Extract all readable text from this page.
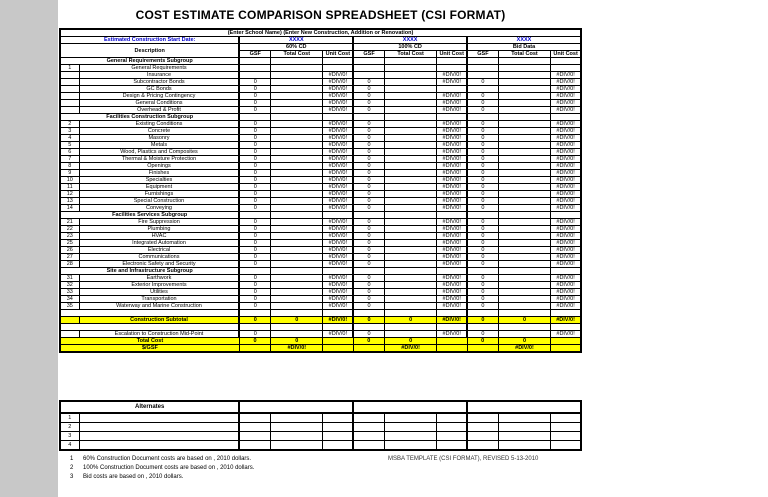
COST ESTIMATE COMPARISON SPREADSHEET (CSI FORMAT)
(Enter School Name) (Enter New Construction, Addition or Renovation)										
Estimated Construction Start Date:		XXXX			XXXX			XXXX		
Description		60% CD			100% CD			Bid Data		
		GSF	Total Cost	Unit Cost	GSF	Total Cost	Unit Cost	GSF	Total Cost	Unit Cost
General Requirements Subgroup										
1	General Requirements									
	Insurance			#DIV/0!			#DIV/0!			#DIV/0!
	Subcontractor Bonds	0		#DIV/0!	0		#DIV/0!	0		#DIV/0!
	GC Bonds	0		#DIV/0!	0					#DIV/0!
	Design & Pricing Contingency	0		#DIV/0!	0		#DIV/0!	0		#DIV/0!
	General Conditions	0		#DIV/0!	0		#DIV/0!	0		#DIV/0!
	Overhead & Profit	0		#DIV/0!	0		#DIV/0!	0		#DIV/0!
Facilities Construction Subgroup										
2	Existing Conditions	0		#DIV/0!	0		#DIV/0!	0		#DIV/0!
3	Concrete	0		#DIV/0!	0		#DIV/0!	0		#DIV/0!
4	Masonry	0		#DIV/0!	0		#DIV/0!	0		#DIV/0!
5	Metals	0		#DIV/0!	0		#DIV/0!	0		#DIV/0!
6	Wood, Plastics and Composites	0		#DIV/0!	0		#DIV/0!	0		#DIV/0!
7	Thermal & Moisture Protection	0		#DIV/0!	0		#DIV/0!	0		#DIV/0!
8	Openings	0		#DIV/0!	0		#DIV/0!	0		#DIV/0!
9	Finishes	0		#DIV/0!	0		#DIV/0!	0		#DIV/0!
10	Specialties	0		#DIV/0!	0		#DIV/0!	0		#DIV/0!
11	Equipment	0		#DIV/0!	0		#DIV/0!	0		#DIV/0!
12	Furnishings	0		#DIV/0!	0		#DIV/0!	0		#DIV/0!
13	Special Construction	0		#DIV/0!	0		#DIV/0!	0		#DIV/0!
14	Conveying	0		#DIV/0!	0		#DIV/0!	0		#DIV/0!
Facilities Services Subgroup										
21	Fire Suppression	0		#DIV/0!	0		#DIV/0!	0		#DIV/0!
22	Plumbing	0		#DIV/0!	0		#DIV/0!	0		#DIV/0!
23	HVAC	0		#DIV/0!	0		#DIV/0!	0		#DIV/0!
25	Integrated Automation	0		#DIV/0!	0		#DIV/0!	0		#DIV/0!
26	Electrical	0		#DIV/0!	0		#DIV/0!	0		#DIV/0!
27	Communications	0		#DIV/0!	0		#DIV/0!	0		#DIV/0!
28	Electronic Safety and Security	0		#DIV/0!	0		#DIV/0!	0		#DIV/0!
Site and Infrastructure Subgroup										
31	Earthwork	0		#DIV/0!	0		#DIV/0!	0		#DIV/0!
32	Exterior Improvements	0		#DIV/0!	0		#DIV/0!	0		#DIV/0!
33	Utilities	0		#DIV/0!	0		#DIV/0!	0		#DIV/0!
34	Transportation	0		#DIV/0!	0		#DIV/0!	0		#DIV/0!
35	Waterway and Marine Construction	0		#DIV/0!	0		#DIV/0!	0		#DIV/0!

	Construction Subtotal	0	0	#DIV/0!	0	0	#DIV/0!	0	0	#DIV/0!

	Escalation to Construction Mid-Point	0		#DIV/0!	0		#DIV/0!	0		#DIV/0!
Total Cost		0	0		0	0		0	0	
$/GSF			#DIV/0!			#DIV/0!			#DIV/0!	
Alternates										
1										
2										
3										
4										
1 60% Construction Document costs are based on , 2010 dollars.
2 100% Construction Document costs are based on , 2010 dollars.
3 Bid costs are based on , 2010 dollars.
MSBA TEMPLATE (CSI FORMAT), REVISED 5-13-2010
